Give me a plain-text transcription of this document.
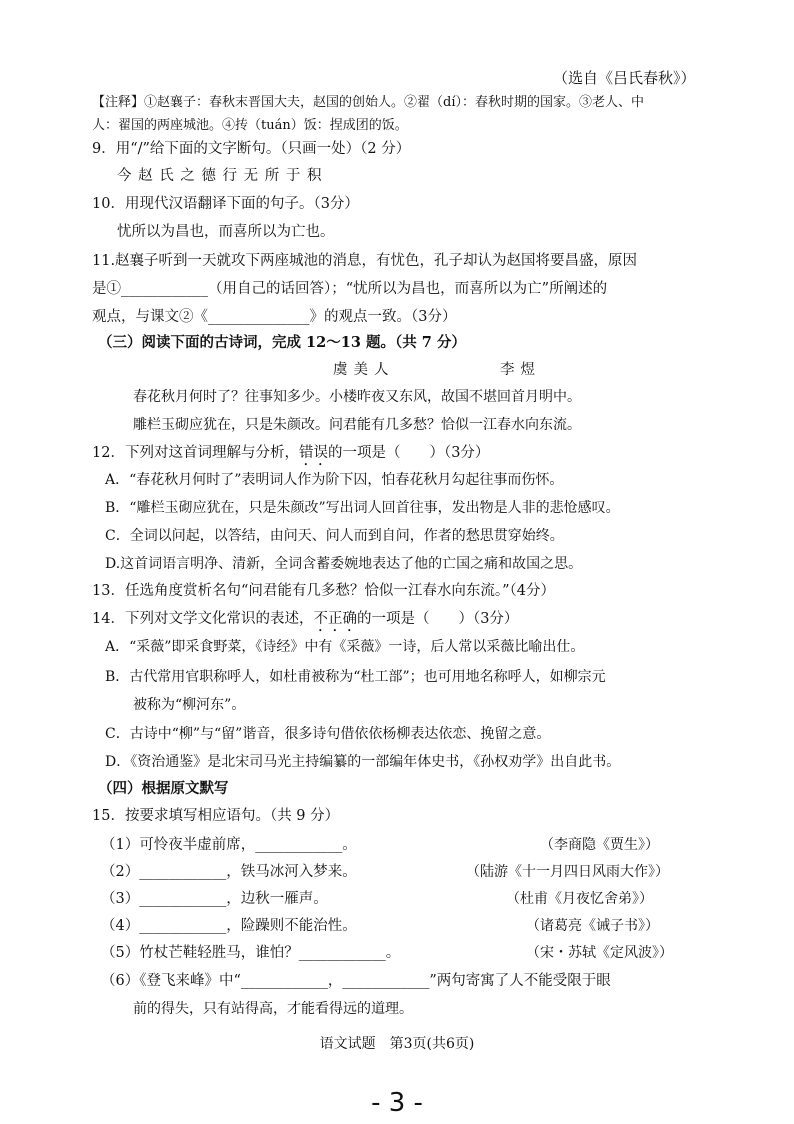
（选自《吕氏春秋》）
【注释】①赵襄子：春秋末晋国大夫，赵国的创始人。②翟（dí）：春秋时期的国家。③老人、中
人：翟国的两座城池。④抟（tuán）饭：捏成团的饭。
9．用“/”给下面的文字断句。（只画一处）（2 分）
今 赵 氏 之 德 行 无 所 于 积
10．用现代汉语翻译下面的句子。（3分）
忧所以为昌也，而喜所以为亡也。
11.赵襄子听到一天就攻下两座城池的消息，有忧色，孔子却认为赵国将要昌盛，原因
是①____________（用自己的话回答）；“忧所以为昌也，而喜所以为亡”所阐述的
观点，与课文②《______________》的观点一致。（3分）
（三）阅读下面的古诗词，完成 12～13 题。（共 7 分）
虞美人	李煜
春花秋月何时了？往事知多少。小楼昨夜又东风，故国不堪回首月明中。
雕栏玉砌应犹在，只是朱颜改。问君能有几多愁？恰似一江春水向东流。
12．下列对这首词理解与分析，错误的一项是（　　）（3分）
A．“春花秋月何时了”表明词人作为阶下囚，怕春花秋月勾起往事而伤怀。
B．“雕栏玉砌应犹在，只是朱颜改”写出词人回首往事，发出物是人非的悲怆感叹。
C．全词以问起，以答结，由问天、问人而到自问，作者的愁思贯穿始终。
D.这首词语言明净、清新，全词含蓄委婉地表达了他的亡国之痛和故国之思。
13．任选角度赏析名句“问君能有几多愁？恰似一江春水向东流。”（4分）
14．下列对文学文化常识的表述，不正确的一项是（　　）（3分）
A．“采薇”即采食野菜，《诗经》中有《采薇》一诗，后人常以采薇比喻出仕。
B．古代常用官职称呼人，如杜甫被称为“杜工部”；也可用地名称呼人，如柳宗元
被称为“柳河东”。
C．古诗中“柳”与“留”谐音，很多诗句借依依杨柳表达依恋、挽留之意。
D．《资治通鉴》是北宋司马光主持编纂的一部编年体史书，《孙权劝学》出自此书。
（四）根据原文默写
15．按要求填写相应语句。（共 9 分）
（1）可怜夜半虚前席，____________。	（李商隐《贾生》）
（2）____________，铁马冰河入梦来。	（陆游《十一月四日风雨大作》）
（3）____________，边秋一雁声。	（杜甫《月夜忆舍弟》）
（4）____________，险躁则不能治性。	（诸葛亮《诫子书》）
（5）竹杖芒鞋轻胜马，谁怕？____________。	（宋・苏轼《定风波》）
（6）《登飞来峰》中“____________，____________”两句寄寓了人不能受限于眼
前的得失，只有站得高，才能看得远的道理。
语文试题　第3页(共6页)
- 3 -
